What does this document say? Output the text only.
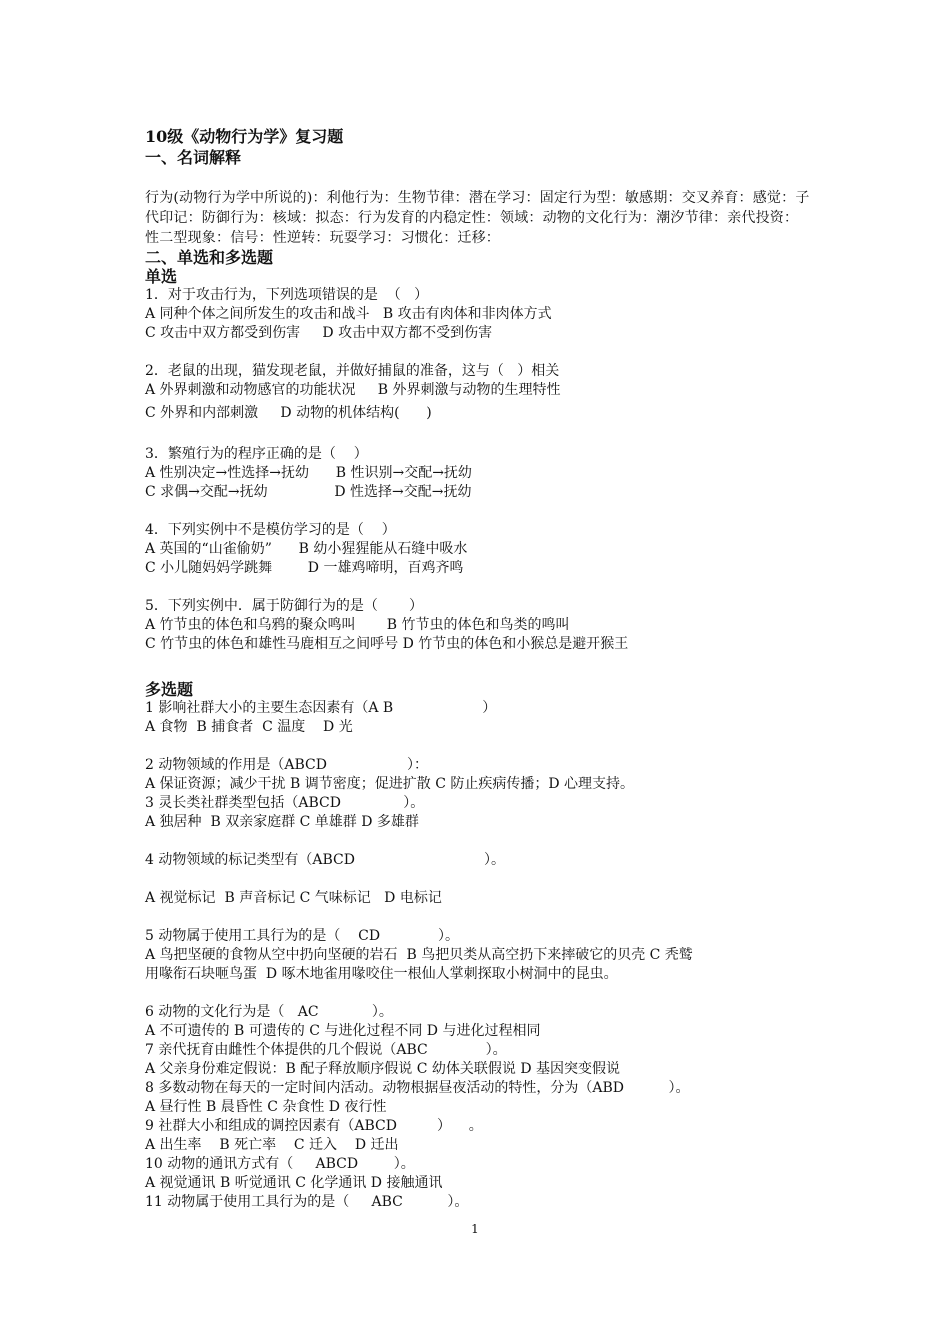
10级《动物行为学》复习题
一、名词解释
行为(动物行为学中所说的)：利他行为：生物节律：潜在学习：固定行为型：敏感期：交叉养育：感觉：子代印记：防御行为：核域：拟态：行为发育的内稳定性：领域：动物的文化行为：潮汐节律：亲代投资：性二型现象：信号：性逆转：玩耍学习：习惯化：迁移：
二、单选和多选题
单选
1．对于攻击行为，下列选项错误的是  （   ）
A 同种个体之间所发生的攻击和战斗   B 攻击有肉体和非肉体方式
C 攻击中双方都受到伤害     D 攻击中双方都不受到伤害
2．老鼠的出现，猫发现老鼠，并做好捕鼠的准备，这与（   ）相关
A 外界刺激和动物感官的功能状况     B 外界刺激与动物的生理特性
C 外界和内部刺激     D 动物的机体结构(      )
3．繁殖行为的程序正确的是（    ）
A 性别决定→性选择→抚幼      B 性识别→交配→抚幼
C 求偶→交配→抚幼               D 性选择→交配→抚幼
4．下列实例中不是模仿学习的是（    ）
A 英国的“山雀偷奶”      B 幼小猩猩能从石缝中吸水
C 小儿随妈妈学跳舞        D 一雄鸡啼明，百鸡齐鸣
5．下列实例中．属于防御行为的是（       ）
A 竹节虫的体色和乌鸦的聚众鸣叫       B 竹节虫的体色和鸟类的鸣叫
C 竹节虫的体色和雄性马鹿相互之间呼号 D 竹节虫的体色和小猴总是避开猴王
多选题
1 影响社群大小的主要生态因素有（A B                    ）
A 食物  B 捕食者  C 温度    D 光

2 动物领域的作用是（ABCD                  ）：
A 保证资源；减少干扰 B 调节密度；促进扩散 C 防止疾病传播；D 心理支持。
3 灵长类社群类型包括（ABCD              ）。
A 独居种  B 双亲家庭群 C 单雄群 D 多雄群

4 动物领域的标记类型有（ABCD                             ）。

A 视觉标记  B 声音标记 C 气味标记   D 电标记

5 动物属于使用工具行为的是（    CD             ）。
A 鸟把坚硬的食物从空中扔向坚硬的岩石  B 鸟把贝类从高空扔下来摔破它的贝壳 C 秃鹫
用喙衔石块咂鸟蛋  D 啄木地雀用喙咬住一根仙人掌刺探取小树洞中的昆虫。

6 动物的文化行为是（   AC            ）。
A 不可遗传的 B 可遗传的 C 与进化过程不同 D 与进化过程相同
7 亲代抚育由雌性个体提供的几个假说（ABC             ）。
A 父亲身份难定假说：B 配子释放顺序假说 C 幼体关联假说 D 基因突变假说
8 多数动物在每天的一定时间内活动。动物根据昼夜活动的特性，分为（ABD          ）。
A 昼行性 B 晨昏性 C 杂食性 D 夜行性
9 社群大小和组成的调控因素有（ABCD         ）    。
A 出生率    B 死亡率    C 迁入    D 迁出
10 动物的通讯方式有（     ABCD        ）。
A 视觉通讯 B 听觉通讯 C 化学通讯 D 接触通讯
11 动物属于使用工具行为的是（     ABC          ）。
1
